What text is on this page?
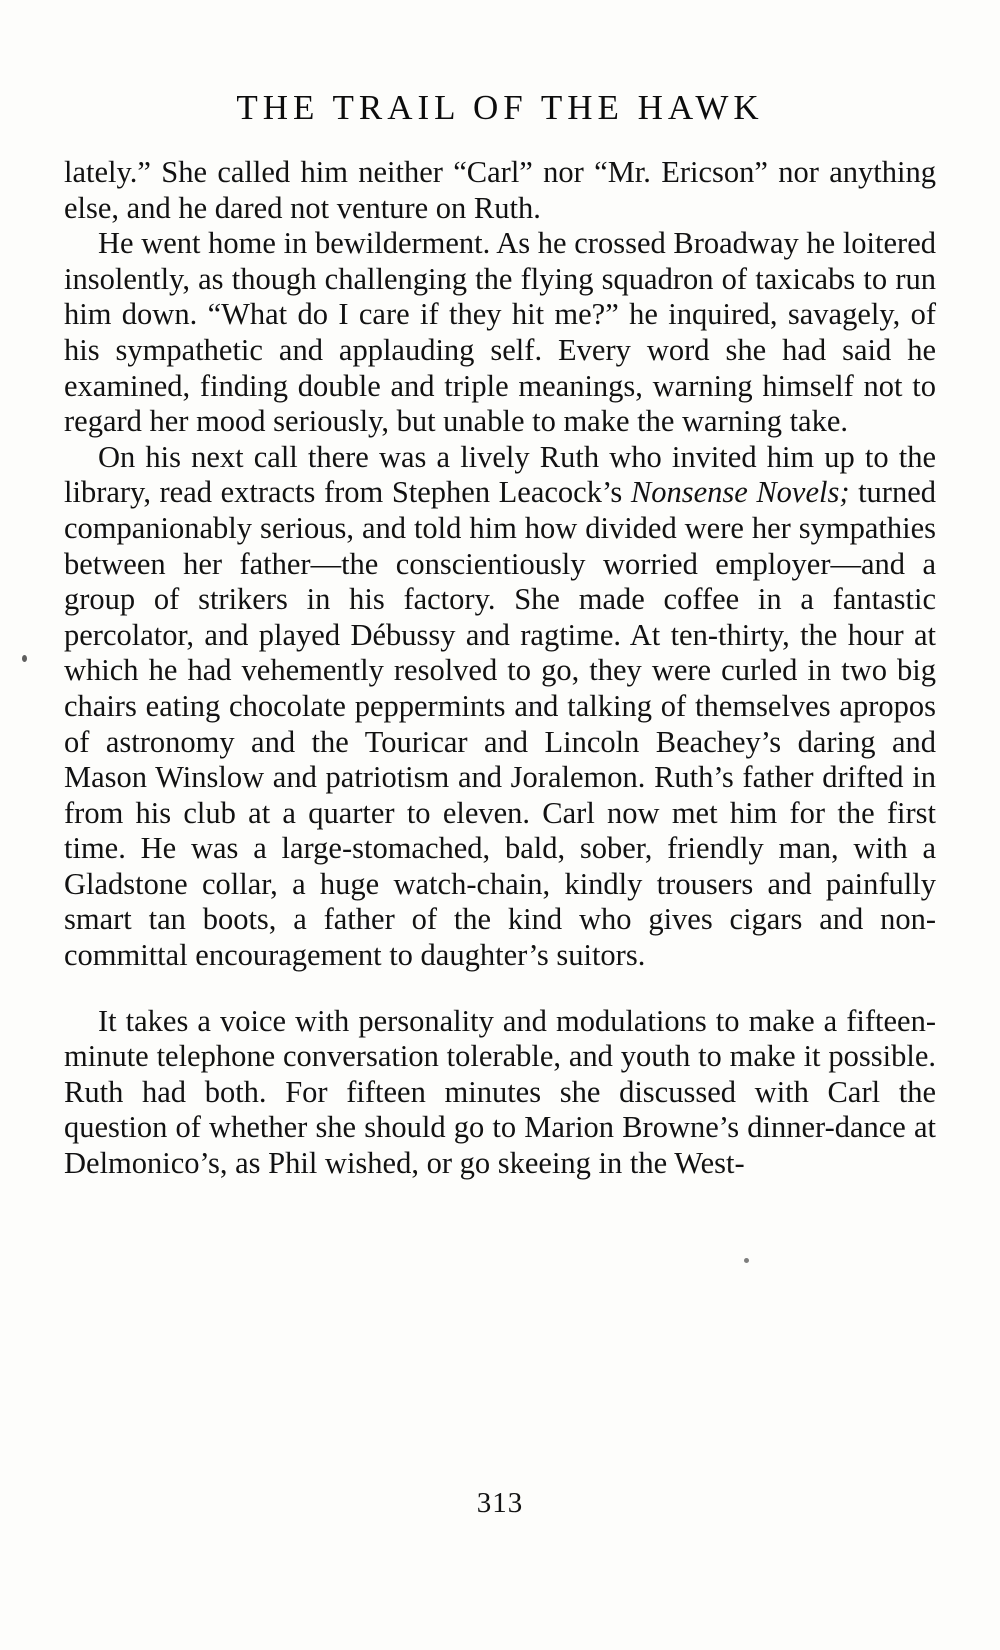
THE TRAIL OF THE HAWK

lately.” She called him neither “Carl” nor “Mr. Ericson” nor anything else, and he dared not venture on Ruth.

He went home in bewilderment. As he crossed Broadway he loitered insolently, as though challenging the flying squadron of taxicabs to run him down. “What do I care if they hit me?” he inquired, savagely, of his sympathetic and applauding self. Every word she had said he examined, finding double and triple meanings, warning himself not to regard her mood seriously, but unable to make the warning take.

On his next call there was a lively Ruth who invited him up to the library, read extracts from Stephen Leacock’s Nonsense Novels; turned companionably serious, and told him how divided were her sympathies between her father—the conscientiously worried employer—and a group of strikers in his factory. She made coffee in a fantastic percolator, and played Débussy and ragtime. At ten-thirty, the hour at which he had vehemently resolved to go, they were curled in two big chairs eating chocolate peppermints and talking of themselves apropos of astronomy and the Touricar and Lincoln Beachey’s daring and Mason Winslow and patriotism and Joralemon. Ruth’s father drifted in from his club at a quarter to eleven. Carl now met him for the first time. He was a large-stomached, bald, sober, friendly man, with a Gladstone collar, a huge watch-chain, kindly trousers and painfully smart tan boots, a father of the kind who gives cigars and non-committal encouragement to daughter’s suitors.

It takes a voice with personality and modulations to make a fifteen-minute telephone conversation tolerable, and youth to make it possible. Ruth had both. For fifteen minutes she discussed with Carl the question of whether she should go to Marion Browne’s dinner-dance at Delmonico’s, as Phil wished, or go skeeing in the West-

313
